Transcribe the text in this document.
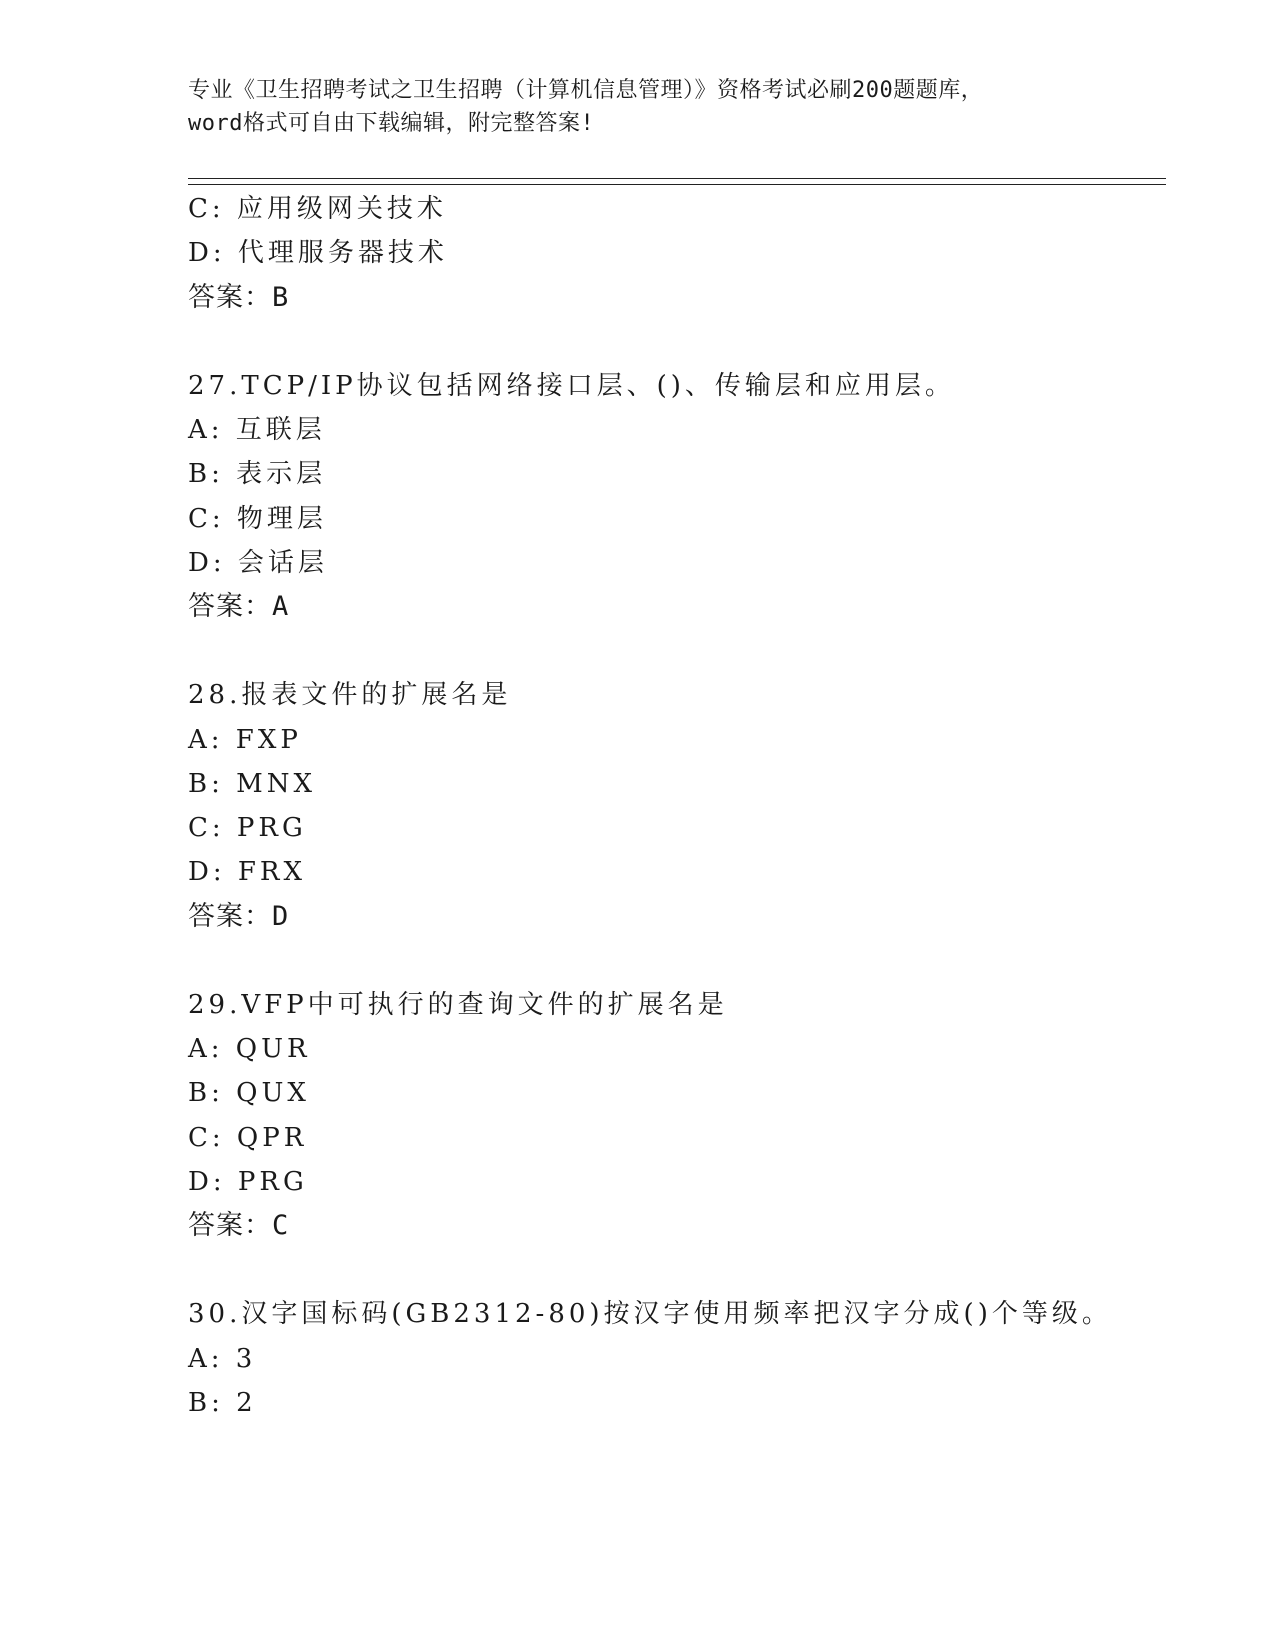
专业《卫生招聘考试之卫生招聘（计算机信息管理）》资格考试必刷200题题库，
word格式可自由下载编辑，附完整答案!
C: 应用级网关技术
D: 代理服务器技术
答案：B
27.TCP/IP协议包括网络接口层、()、传输层和应用层。
A: 互联层
B: 表示层
C: 物理层
D: 会话层
答案：A
28.报表文件的扩展名是
A: FXP
B: MNX
C: PRG
D: FRX
答案：D
29.VFP中可执行的查询文件的扩展名是
A: QUR
B: QUX
C: QPR
D: PRG
答案：C
30.汉字国标码(GB2312-80)按汉字使用频率把汉字分成()个等级。
A: 3
B: 2
